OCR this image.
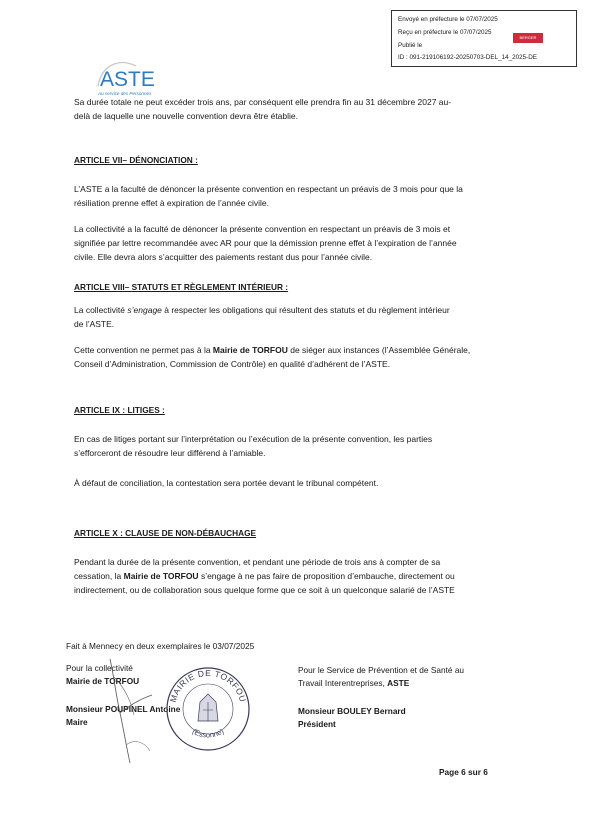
Envoyé en préfecture le 07/07/2025
Reçu en préfecture le 07/07/2025
Publié le
ID : 091-219106192-20250703-DEL_14_2025-DE
BERGER LEVRAULT
ASTE
Au service des Personnes
Sa durée totale ne peut excéder trois ans, par conséquent elle prendra fin au 31 décembre 2027 au-
delà de laquelle une nouvelle convention devra être établie.
ARTICLE VII– DÉNONCIATION :
L’ASTE a la faculté de dénoncer la présente convention en respectant un préavis de 3 mois pour que la
résiliation prenne effet à expiration de l’année civile.
La collectivité a la faculté de dénoncer la présente convention en respectant un préavis de 3 mois et
signifiée par lettre recommandée avec AR pour que la démission prenne effet à l’expiration de l’année
civile. Elle devra alors s’acquitter des paiements restant dus pour l’année civile.
ARTICLE VIII– STATUTS ET RÈGLEMENT INTÉRIEUR :
La collectivité s’engage à respecter les obligations qui résultent des statuts et du règlement intérieur
de l’ASTE.
Cette convention ne permet pas à la Mairie de TORFOU de siéger aux instances (l’Assemblée Générale,
Conseil d’Administration, Commission de Contrôle) en qualité d’adhérent de l’ASTE.
ARTICLE IX : LITIGES :
En cas de litiges portant sur l’interprétation ou l’exécution de la présente convention, les parties
s’efforceront de résoudre leur différend à l’amiable.
À défaut de conciliation, la contestation sera portée devant le tribunal compétent.
ARTICLE X : CLAUSE DE NON-DÉBAUCHAGE
Pendant la durée de la présente convention, et pendant une période de trois ans à compter de sa
cessation, la Mairie de TORFOU s’engage à ne pas faire de proposition d’embauche, directement ou
indirectement, ou de collaboration sous quelque forme que ce soit à un quelconque salarié de l’ASTE
Fait à Mennecy en deux exemplaires le 03/07/2025
Pour la collectivité
Mairie de TORFOU
Monsieur POUPINEL Antoine
Maire
MAIRIE DE TORFOU
(Essonne)
Pour le Service de Prévention et de Santé au
Travail Interentreprises, ASTE
Monsieur BOULEY Bernard
Président
Page 6 sur 6
